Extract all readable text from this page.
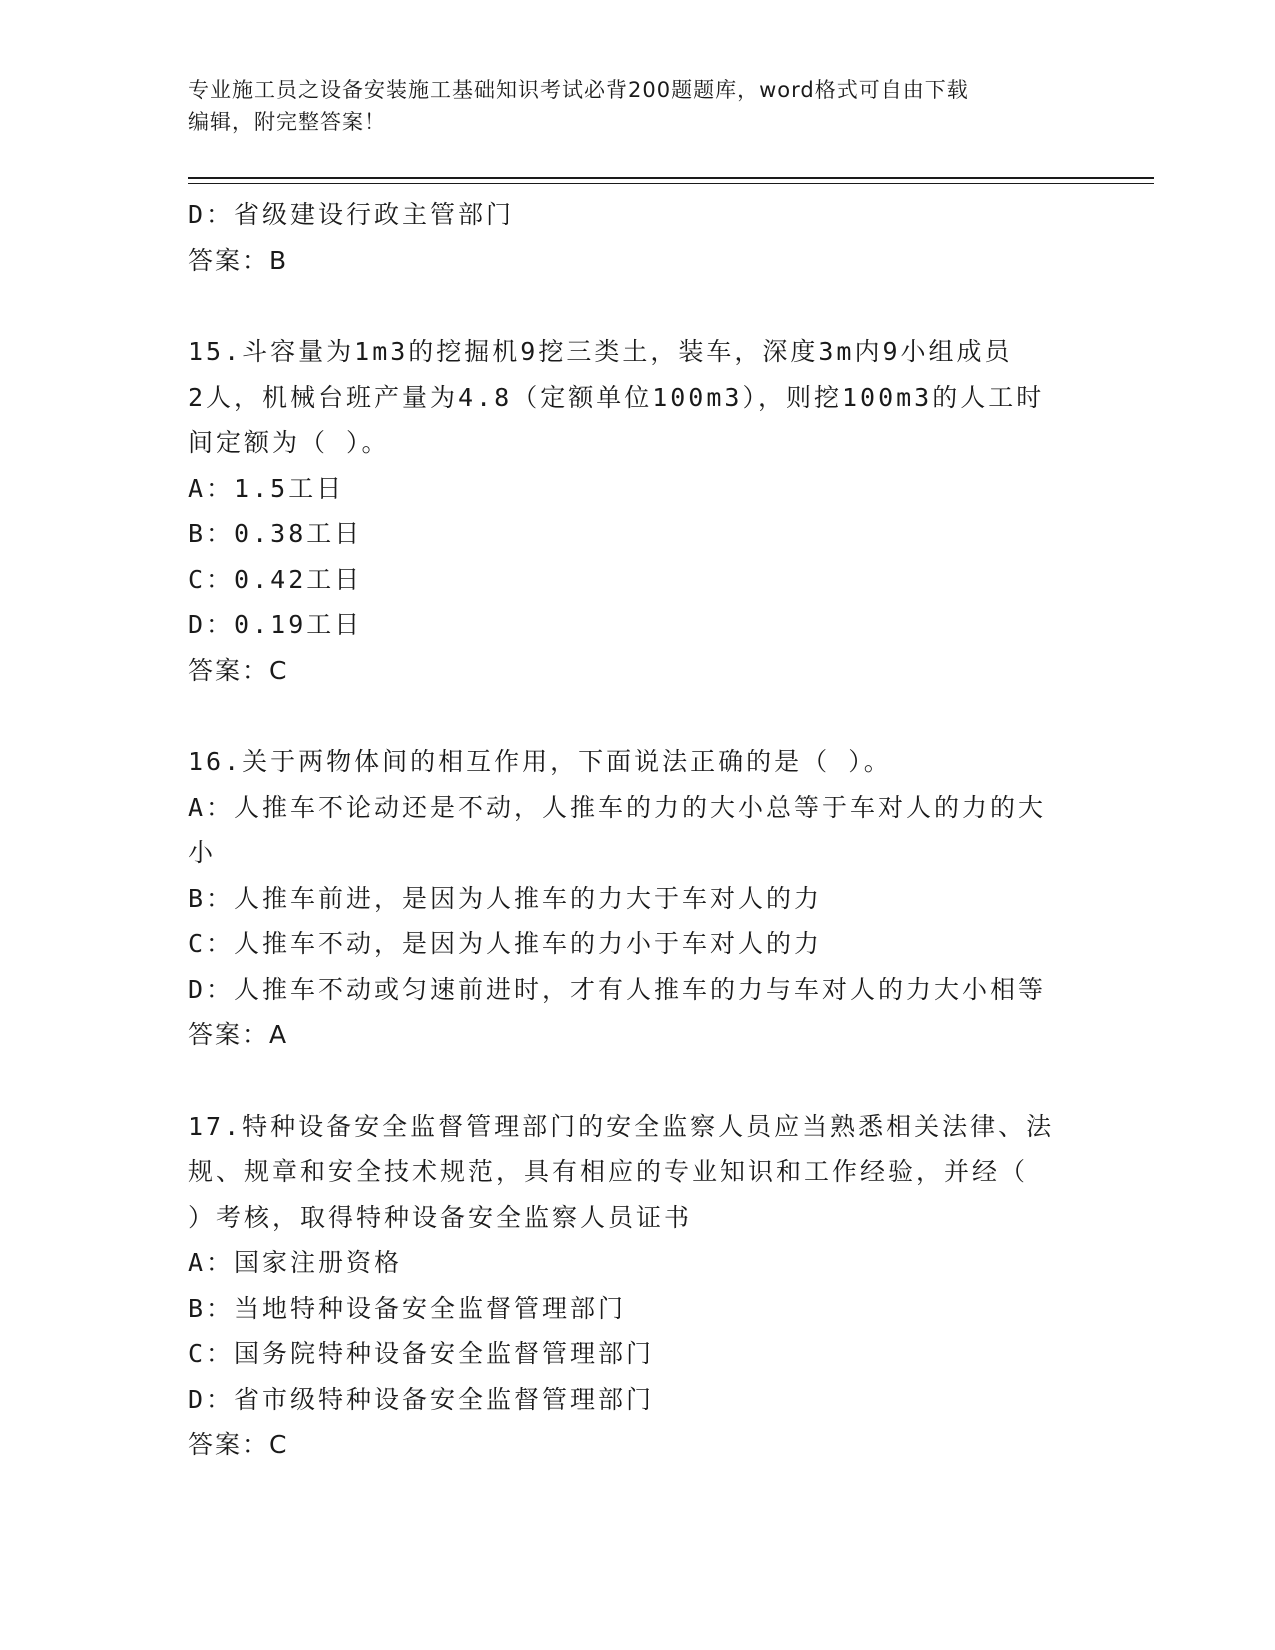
专业施工员之设备安装施工基础知识考试必背200题题库，word格式可自由下载
编辑，附完整答案！

D：省级建设行政主管部门

答案：B

15.斗容量为1m3的挖掘机9挖三类土，装车，深度3m内9小组成员

2人，机械台班产量为4.8（定额单位100m3），则挖100m3的人工时

间定额为（ ）。

A：1.5工日

B：0.38工日

C：0.42工日

D：0.19工日

答案：C

16.关于两物体间的相互作用，下面说法正确的是（ ）。

A：人推车不论动还是不动，人推车的力的大小总等于车对人的力的大

小

B：人推车前进，是因为人推车的力大于车对人的力

C：人推车不动，是因为人推车的力小于车对人的力

D：人推车不动或匀速前进时，才有人推车的力与车对人的力大小相等

答案：A

17.特种设备安全监督管理部门的安全监察人员应当熟悉相关法律、法

规、规章和安全技术规范，具有相应的专业知识和工作经验，并经（

）考核，取得特种设备安全监察人员证书

A：国家注册资格

B：当地特种设备安全监督管理部门

C：国务院特种设备安全监督管理部门

D：省市级特种设备安全监督管理部门

答案：C
